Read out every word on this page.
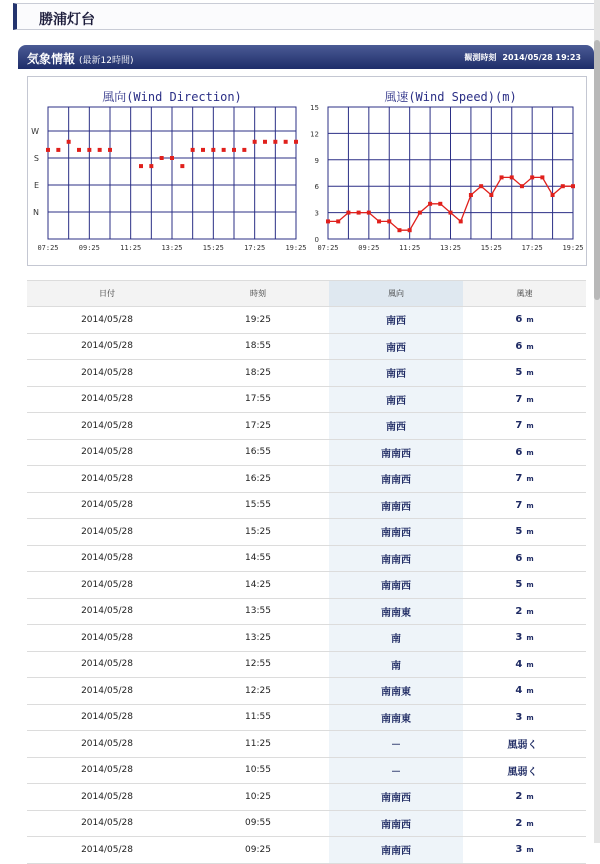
勝浦灯台
気象情報 (最新12時間)	観測時刻 2014/05/28 19:23
W
S
E
N
07:25	09:25	11:25	13:25	15:25	17:25	19:25
風向(Wind Direction)
0
3
6
9
12
15
07:25	09:25	11:25	13:25	15:25	17:25	19:25
風速(Wind Speed)(m)
日付	時刻	風向	風速
2014/05/28	19:25	南西	6 m
2014/05/28	18:55	南西	6 m
2014/05/28	18:25	南西	5 m
2014/05/28	17:55	南西	7 m
2014/05/28	17:25	南西	7 m
2014/05/28	16:55	南南西	6 m
2014/05/28	16:25	南南西	7 m
2014/05/28	15:55	南南西	7 m
2014/05/28	15:25	南南西	5 m
2014/05/28	14:55	南南西	6 m
2014/05/28	14:25	南南西	5 m
2014/05/28	13:55	南南東	2 m
2014/05/28	13:25	南	3 m
2014/05/28	12:55	南	4 m
2014/05/28	12:25	南南東	4 m
2014/05/28	11:55	南南東	3 m
2014/05/28	11:25	－	風弱く
2014/05/28	10:55	－	風弱く
2014/05/28	10:25	南南西	2 m
2014/05/28	09:55	南南西	2 m
2014/05/28	09:25	南南西	3 m
